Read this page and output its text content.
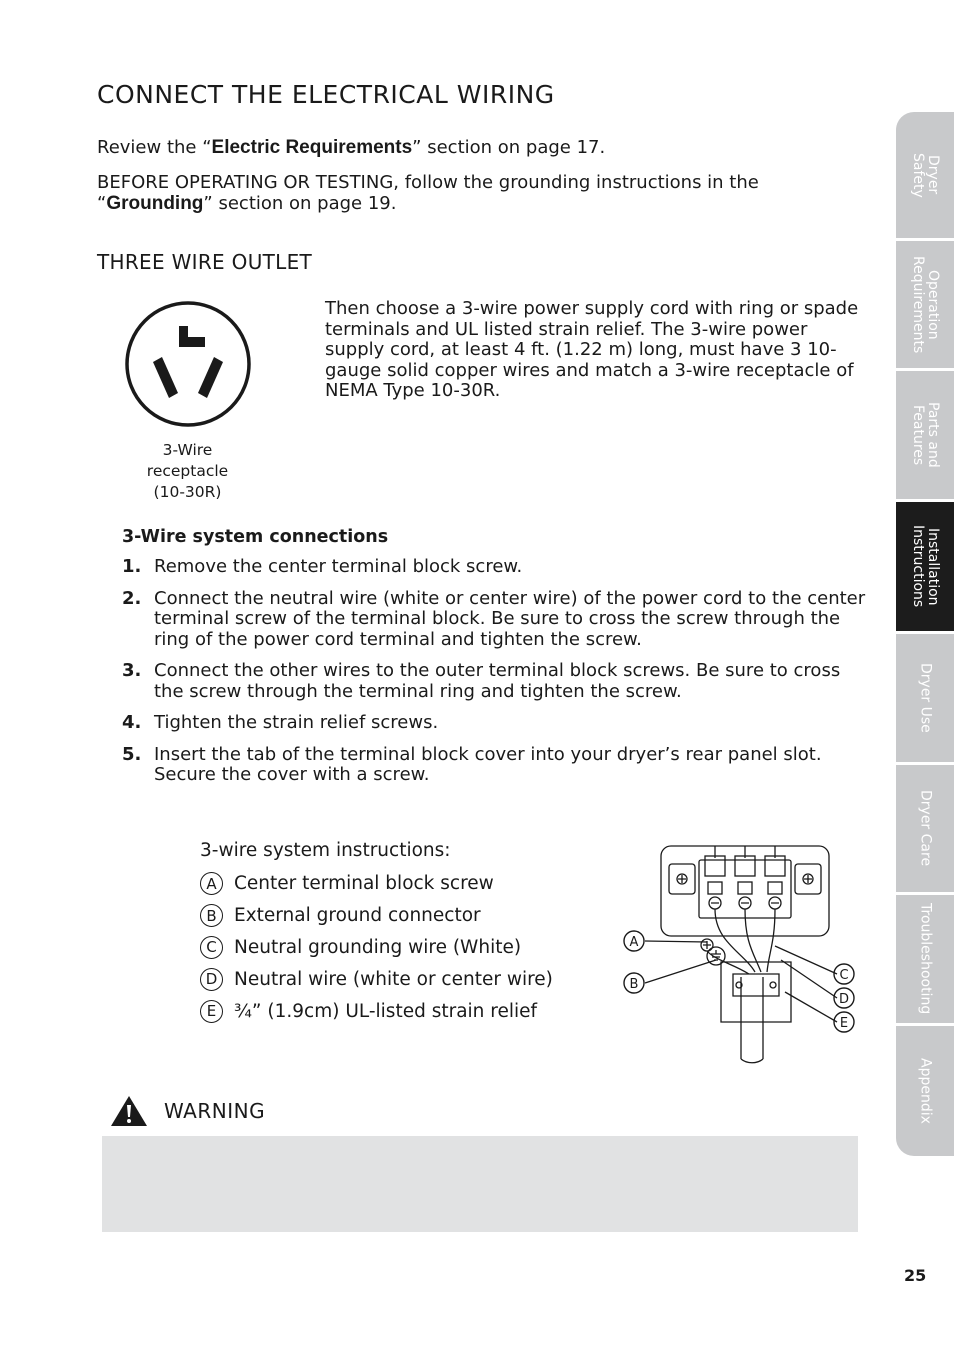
CONNECT THE ELECTRICAL WIRING

Review the “Electric Requirements” section on page 17.

BEFORE OPERATING OR TESTING, follow the grounding instructions in the “Grounding” section on page 19.

THREE WIRE OUTLET
3-Wire
receptacle
(10-30R)

Then choose a 3-wire power supply cord with ring or spade terminals and UL listed strain relief. The 3-wire power supply cord, at least 4 ft. (1.22 m) long, must have 3 10-gauge solid copper wires and match a 3-wire receptacle of NEMA Type 10-30R.

3-Wire system connections

1. Remove the center terminal block screw.
2. Connect the neutral wire (white or center wire) of the power cord to the center terminal screw of the terminal block. Be sure to cross the screw through the ring of the power cord terminal and tighten the screw.
3. Connect the other wires to the outer terminal block screws. Be sure to cross the screw through the terminal ring and tighten the screw.
4. Tighten the strain relief screws.
5. Insert the tab of the terminal block cover into your dryer’s rear panel slot. Secure the cover with a screw.

3-wire system instructions:

A Center terminal block screw
B External ground connector
C Neutral grounding wire (White)
D Neutral wire (white or center wire)
E ¾” (1.9cm) UL-listed strain relief
A
B
C
D
E
WARNING
25
Dryer
Safety
Operation
Requirements
Parts and
Features
Installation
Instructions
Dryer Use
Dryer Care
Troubleshooting
Appendix
